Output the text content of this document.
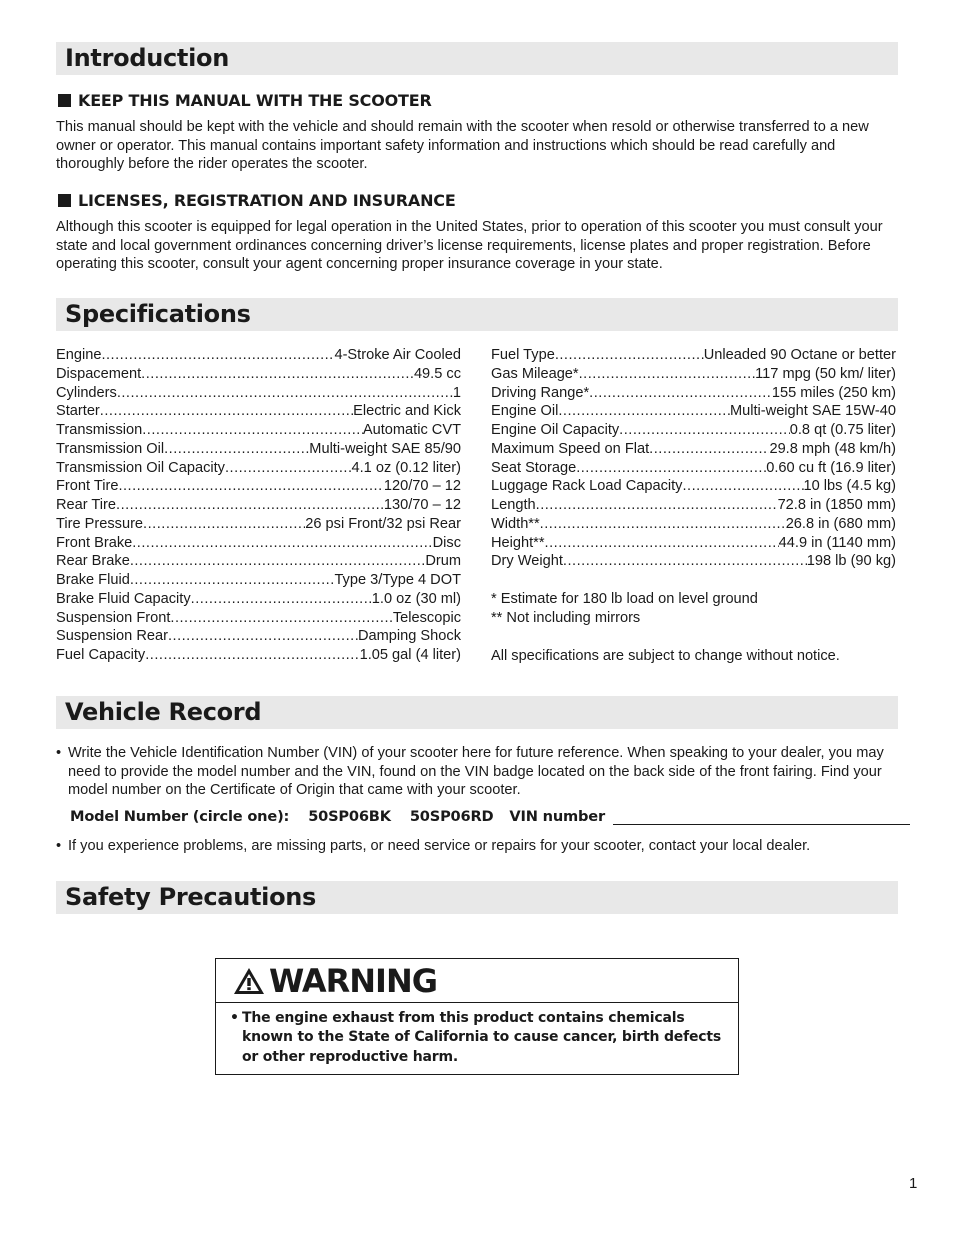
Introduction
KEEP THIS MANUAL WITH THE SCOOTER

This manual should be kept with the vehicle and should remain with the scooter when resold or otherwise transferred to a new owner or operator. This manual contains important safety information and instructions which should be read carefully and thoroughly before the rider operates the scooter.

LICENSES, REGISTRATION AND INSURANCE

Although this scooter is equipped for legal operation in the United States, prior to operation of this scooter you must consult your state and local government ordinances concerning driver’s license requirements, license plates and proper registration. Before operating this scooter, consult your agent concerning proper insurance coverage in your state.

Specifications
Engine .....	4-Stroke Air Cooled
Dispacement .....	49.5 cc
Cylinders .....	1
Starter .....	Electric and Kick
Transmission .....	Automatic CVT
Transmission Oil .....	Multi-weight SAE 85/90
Transmission Oil Capacity .....	4.1 oz (0.12 liter)
Front Tire .....	120/70 – 12
Rear Tire .....	130/70 – 12
Tire Pressure .....	26 psi Front/32 psi Rear
Front Brake .....	Disc
Rear Brake .....	Drum
Brake Fluid .....	Type 3/Type 4 DOT
Brake Fluid Capacity .....	1.0 oz (30 ml)
Suspension Front .....	Telescopic
Suspension Rear .....	Damping Shock
Fuel Capacity .....	1.05 gal (4 liter)
Fuel Type .....	Unleaded 90 Octane or better
Gas Mileage* .....	117 mpg (50 km/ liter)
Driving Range* .....	155 miles (250 km)
Engine Oil .....	Multi-weight SAE 15W-40
Engine Oil Capacity .....	0.8 qt (0.75 liter)
Maximum Speed on Flat .....	29.8 mph (48 km/h)
Seat Storage .....	0.60 cu ft (16.9 liter)
Luggage Rack Load Capacity .....	10 lbs (4.5 kg)
Length .....	72.8 in (1850 mm)
Width** .....	26.8 in (680 mm)
Height** .....	44.9 in (1140 mm)
Dry Weight .....	198 lb (90 kg)
* Estimate for 180 lb load on level ground
** Not including mirrors
All specifications are subject to change without notice.
Vehicle Record
• Write the Vehicle Identification Number (VIN) of your scooter here for future reference. When speaking to your dealer, you may need to provide the model number and the VIN, found on the VIN badge located on the back side of the front fairing. Find your model number on the Certificate of Origin that came with your scooter.
Model Number (circle one): 50SP06BK 50SP06RD VIN number
• If you experience problems, are missing parts, or need service or repairs for your scooter, contact your local dealer.
Safety Precautions
WARNING
• The engine exhaust from this product contains chemicals known to the State of California to cause cancer, birth defects or other reproductive harm.
1
